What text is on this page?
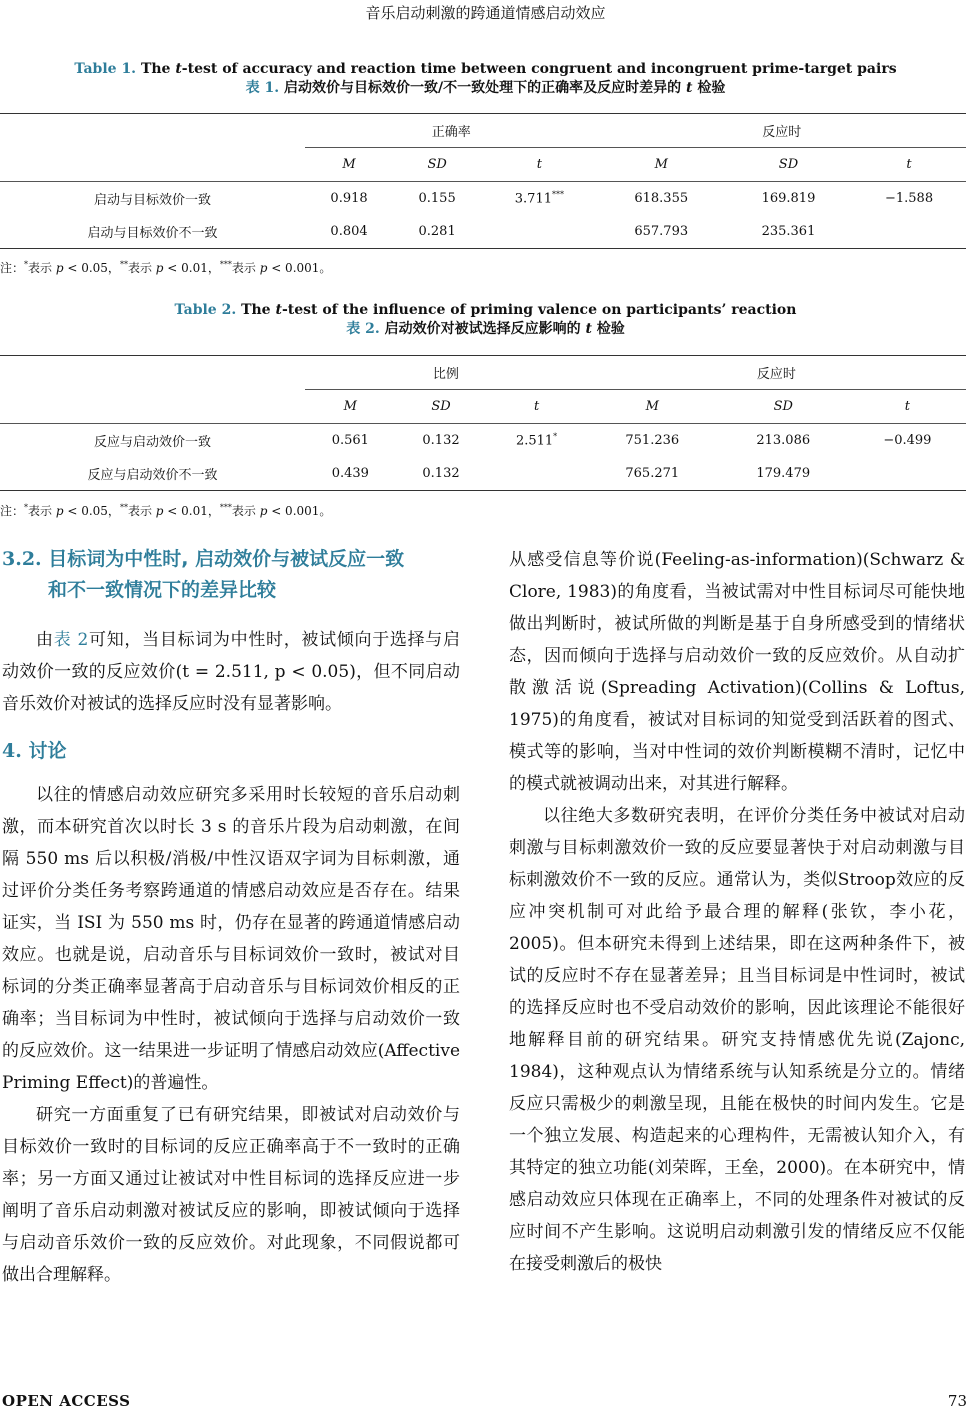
音乐启动刺激的跨通道情感启动效应
Table 1. The t-test of accuracy and reaction time between congruent and incongruent prime-target pairs
表 1. 启动效价与目标效价一致/不一致处理下的正确率及反应时差异的 t 检验
	正确率			反应时		
	M	SD	t	M	SD	t
启动与目标效价一致	0.918	0.155	3.711***	618.355	169.819	−1.588
启动与目标效价不一致	0.804	0.281		657.793	235.361	
注：*表示 p < 0.05，**表示 p < 0.01，***表示 p < 0.001。
Table 2. The t-test of the influence of priming valence on participants’ reaction
表 2. 启动效价对被试选择反应影响的 t 检验
	比例			反应时		
	M	SD	t	M	SD	t
反应与启动效价一致	0.561	0.132	2.511*	751.236	213.086	−0.499
反应与启动效价不一致	0.439	0.132		765.271	179.479	
注：*表示 p < 0.05，**表示 p < 0.01，***表示 p < 0.001。
3.2. 目标词为中性时, 启动效价与被试反应一致
和不一致情况下的差异比较

由表 2可知，当目标词为中性时，被试倾向于选择与启动效价一致的反应效价(t = 2.511, p < 0.05)，但不同启动音乐效价对被试的选择反应时没有显著影响。

4. 讨论

以往的情感启动效应研究多采用时长较短的音乐启动刺激，而本研究首次以时长 3 s 的音乐片段为启动刺激，在间隔 550 ms 后以积极/消极/中性汉语双字词为目标刺激，通过评价分类任务考察跨通道的情感启动效应是否存在。结果证实，当 ISI 为 550 ms 时，仍存在显著的跨通道情感启动效应。也就是说，启动音乐与目标词效价一致时，被试对目标词的分类正确率显著高于启动音乐与目标词效价相反的正确率；当目标词为中性时，被试倾向于选择与启动效价一致的反应效价。这一结果进一步证明了情感启动效应(Affective Priming Effect)的普遍性。

研究一方面重复了已有研究结果，即被试对启动效价与目标效价一致时的目标词的反应正确率高于不一致时的正确率；另一方面又通过让被试对中性目标词的选择反应进一步阐明了音乐启动刺激对被试反应的影响，即被试倾向于选择与启动音乐效价一致的反应效价。对此现象，不同假说都可做出合理解释。

从感受信息等价说(Feeling-as-information)(Schwarz & Clore, 1983)的角度看，当被试需对中性目标词尽可能快地做出判断时，被试所做的判断是基于自身所感受到的情绪状态，因而倾向于选择与启动效价一致的反应效价。从自动扩散激活说(Spreading Activation)(Collins & Loftus, 1975)的角度看，被试对目标词的知觉受到活跃着的图式、模式等的影响，当对中性词的效价判断模糊不清时，记忆中的模式就被调动出来，对其进行解释。

以往绝大多数研究表明，在评价分类任务中被试对启动刺激与目标刺激效价一致的反应要显著快于对启动刺激与目标刺激效价不一致的反应。通常认为，类似Stroop效应的反应冲突机制可对此给予最合理的解释(张钦，李小花，2005)。但本研究未得到上述结果，即在这两种条件下，被试的反应时不存在显著差异；且当目标词是中性词时，被试的选择反应时也不受启动效价的影响，因此该理论不能很好地解释目前的研究结果。研究支持情感优先说(Zajonc, 1984)，这种观点认为情绪系统与认知系统是分立的。情绪反应只需极少的刺激呈现，且能在极快的时间内发生。它是一个独立发展、构造起来的心理构件，无需被认知介入，有其特定的独立功能(刘荣晖，王垒，2000)。在本研究中，情感启动效应只体现在正确率上，不同的处理条件对被试的反应时间不产生影响。这说明启动刺激引发的情绪反应不仅能在接受刺激后的极快

OPEN ACCESS	73
